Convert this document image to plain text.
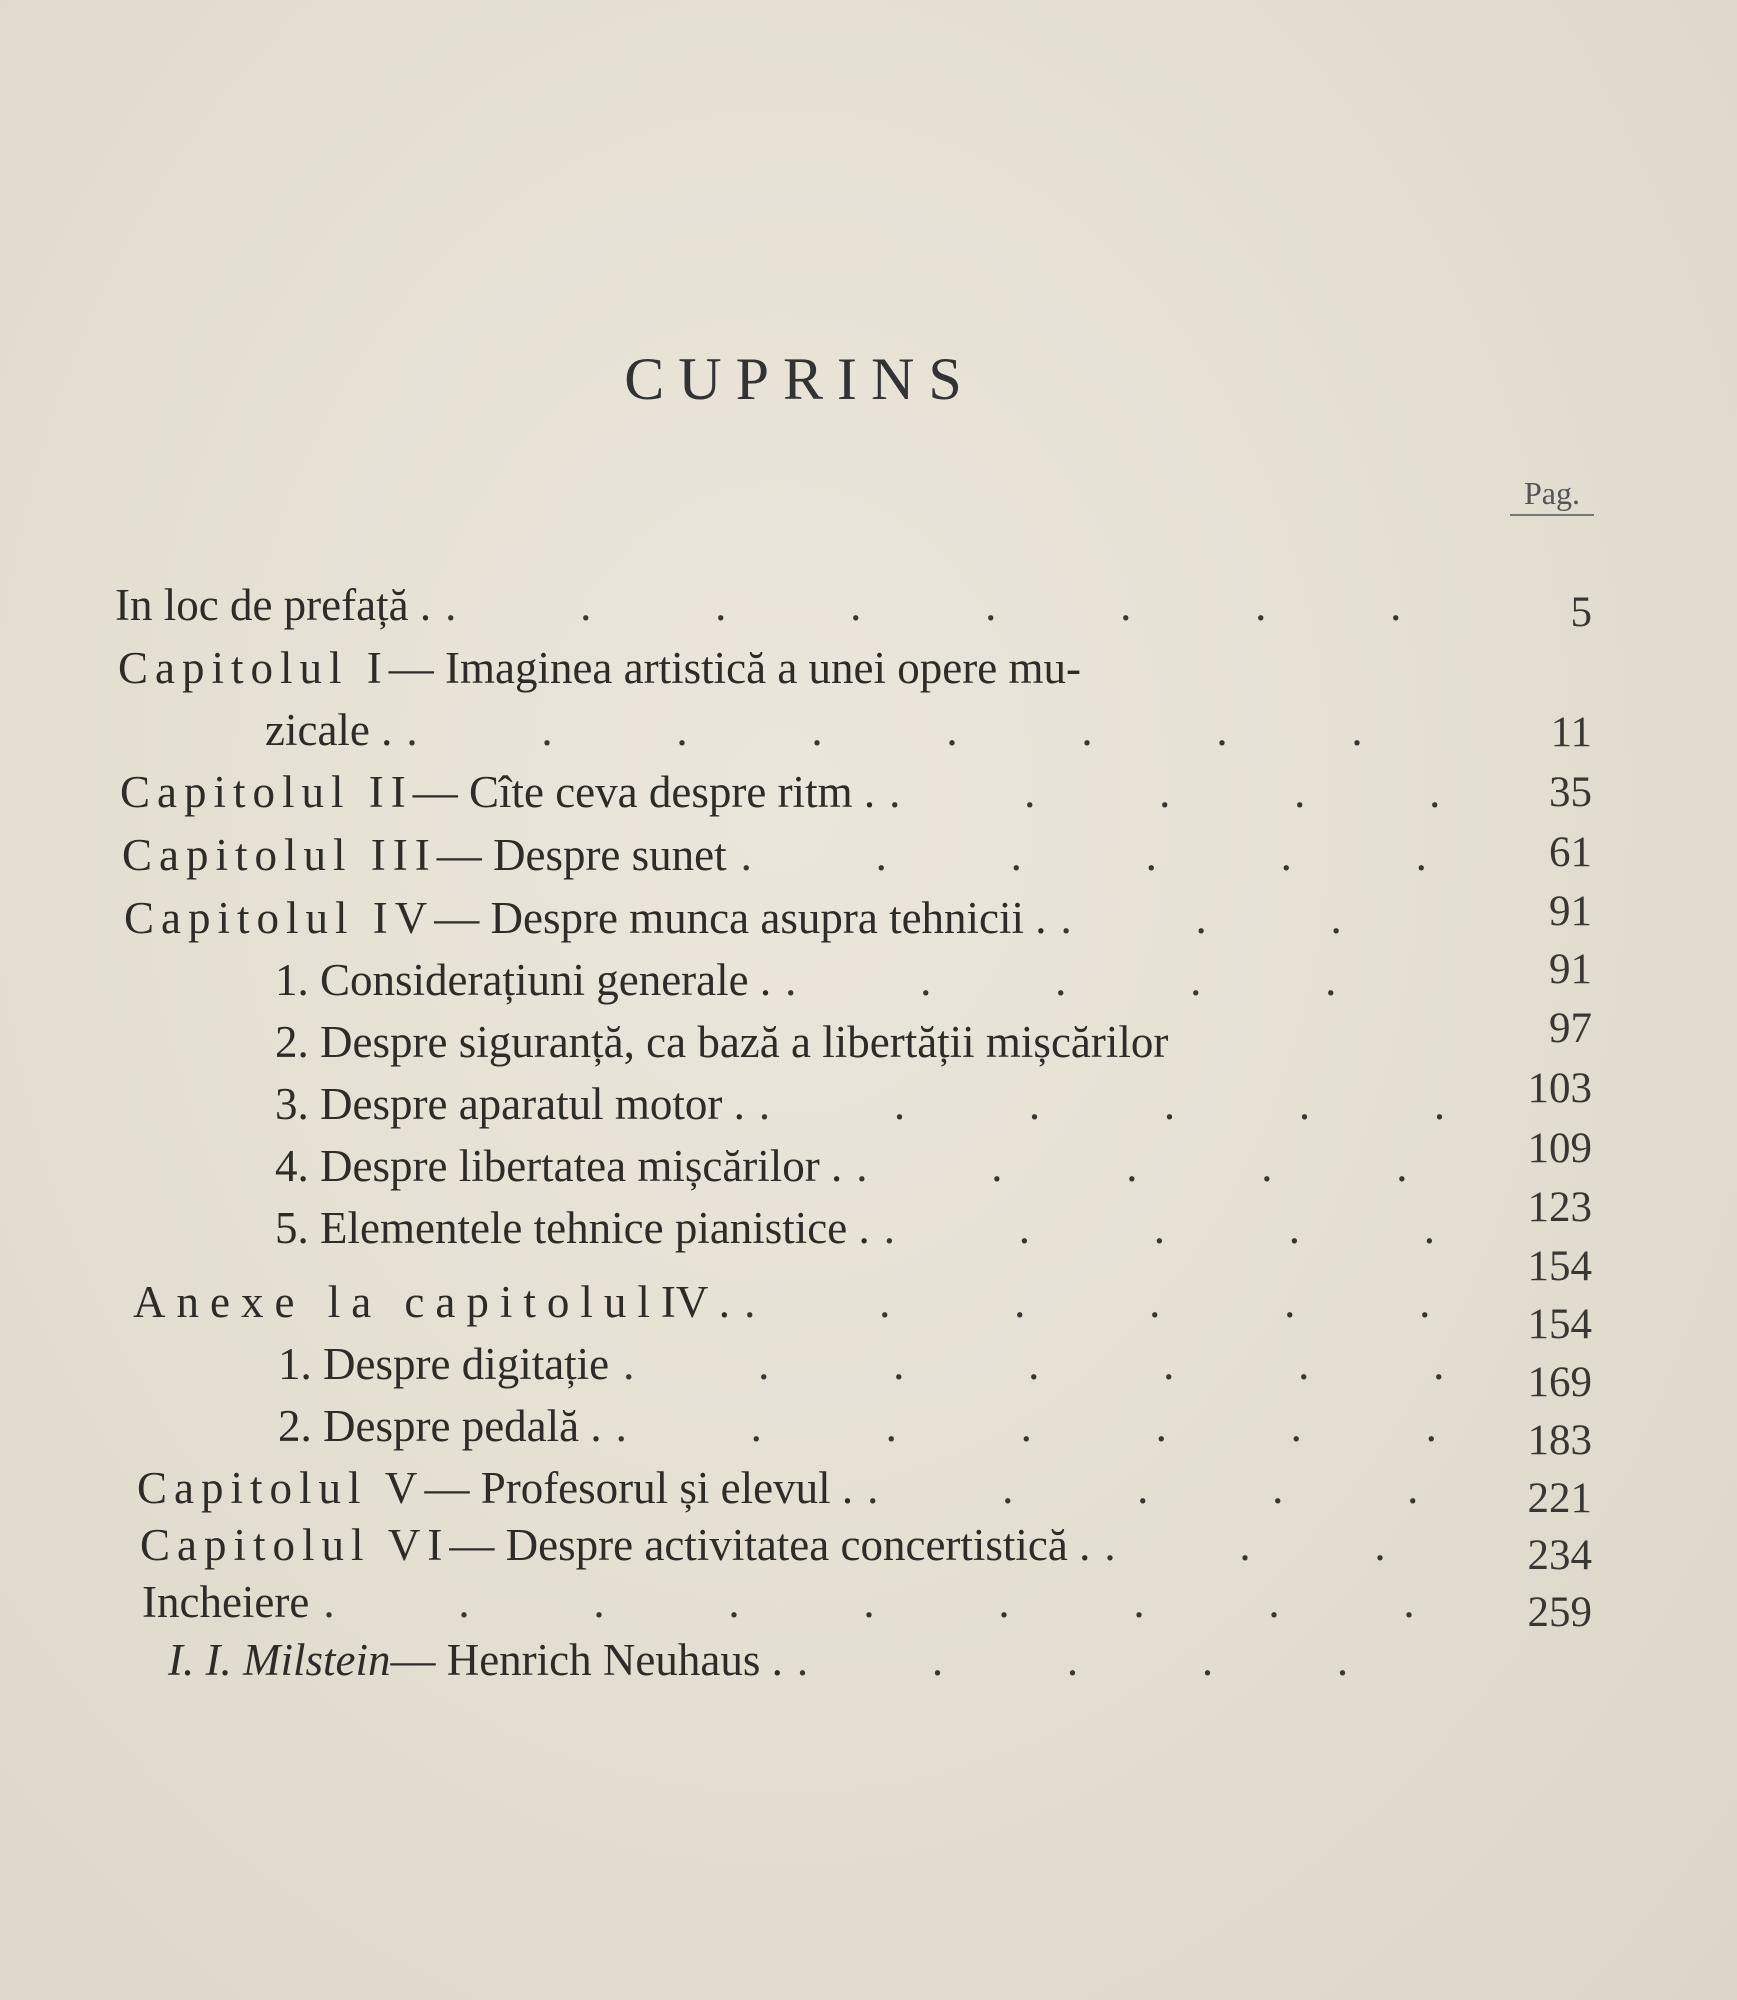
CUPRINS
Pag.
In loc de prefață .
.
Capitolul I — Imaginea artistică a unei opere mu-
zicale .
.
Capitolul II — Cîte ceva despre ritm .
.
Capitolul III — Despre sunet
.
Capitolul IV — Despre munca asupra tehnicii .
.
1. Considerațiuni generale .
.
2. Despre siguranță, ca bază a libertății mișcărilor
3. Despre aparatul motor .
.
4. Despre libertatea mișcărilor .
.
5. Elementele tehnice pianistice .
.
Anexe la capitolul IV .
.
1. Despre digitație
.
2. Despre pedală .
.
Capitolul V — Profesorul și elevul .
.
Capitolul VI — Despre activitatea concertistică .
.
Incheiere
.
I. I. Milstein — Henrich Neuhaus .
.
5
11
35
61
91
91
97
103
109
123
154
154
169
183
221
234
259
